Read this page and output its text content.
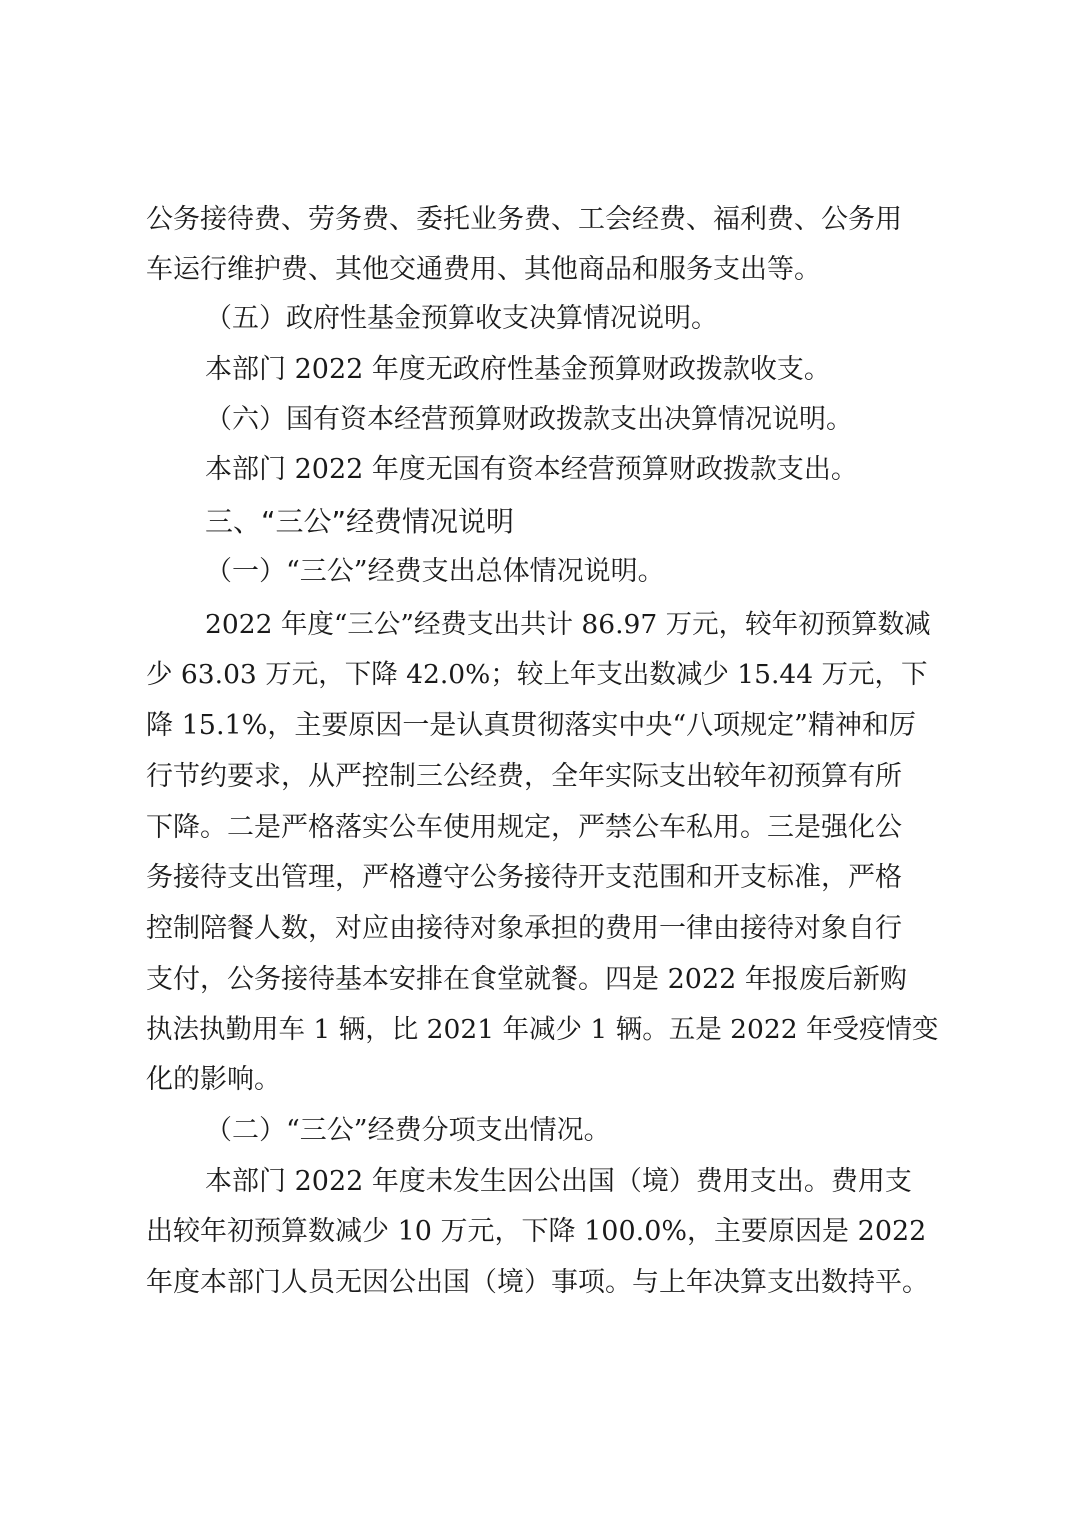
公务接待费、劳务费、委托业务费、工会经费、福利费、公务用
车运行维护费、其他交通费用、其他商品和服务支出等。
（五）政府性基金预算收支决算情况说明。
本部门 2022 年度无政府性基金预算财政拨款收支。
（六）国有资本经营预算财政拨款支出决算情况说明。
本部门 2022 年度无国有资本经营预算财政拨款支出。
三、“三公”经费情况说明
（一）“三公”经费支出总体情况说明。
2022 年度“三公”经费支出共计 86.97 万元，较年初预算数减
少 63.03 万元，下降 42.0%；较上年支出数减少 15.44 万元，下
降 15.1%，主要原因一是认真贯彻落实中央“八项规定”精神和厉
行节约要求，从严控制三公经费，全年实际支出较年初预算有所
下降。二是严格落实公车使用规定，严禁公车私用。三是强化公
务接待支出管理，严格遵守公务接待开支范围和开支标准，严格
控制陪餐人数，对应由接待对象承担的费用一律由接待对象自行
支付，公务接待基本安排在食堂就餐。四是 2022 年报废后新购
执法执勤用车 1 辆，比 2021 年减少 1 辆。五是 2022 年受疫情变
化的影响。
（二）“三公”经费分项支出情况。
本部门 2022 年度未发生因公出国（境）费用支出。费用支
出较年初预算数减少 10 万元，下降 100.0%，主要原因是 2022
年度本部门人员无因公出国（境）事项。与上年决算支出数持平。
